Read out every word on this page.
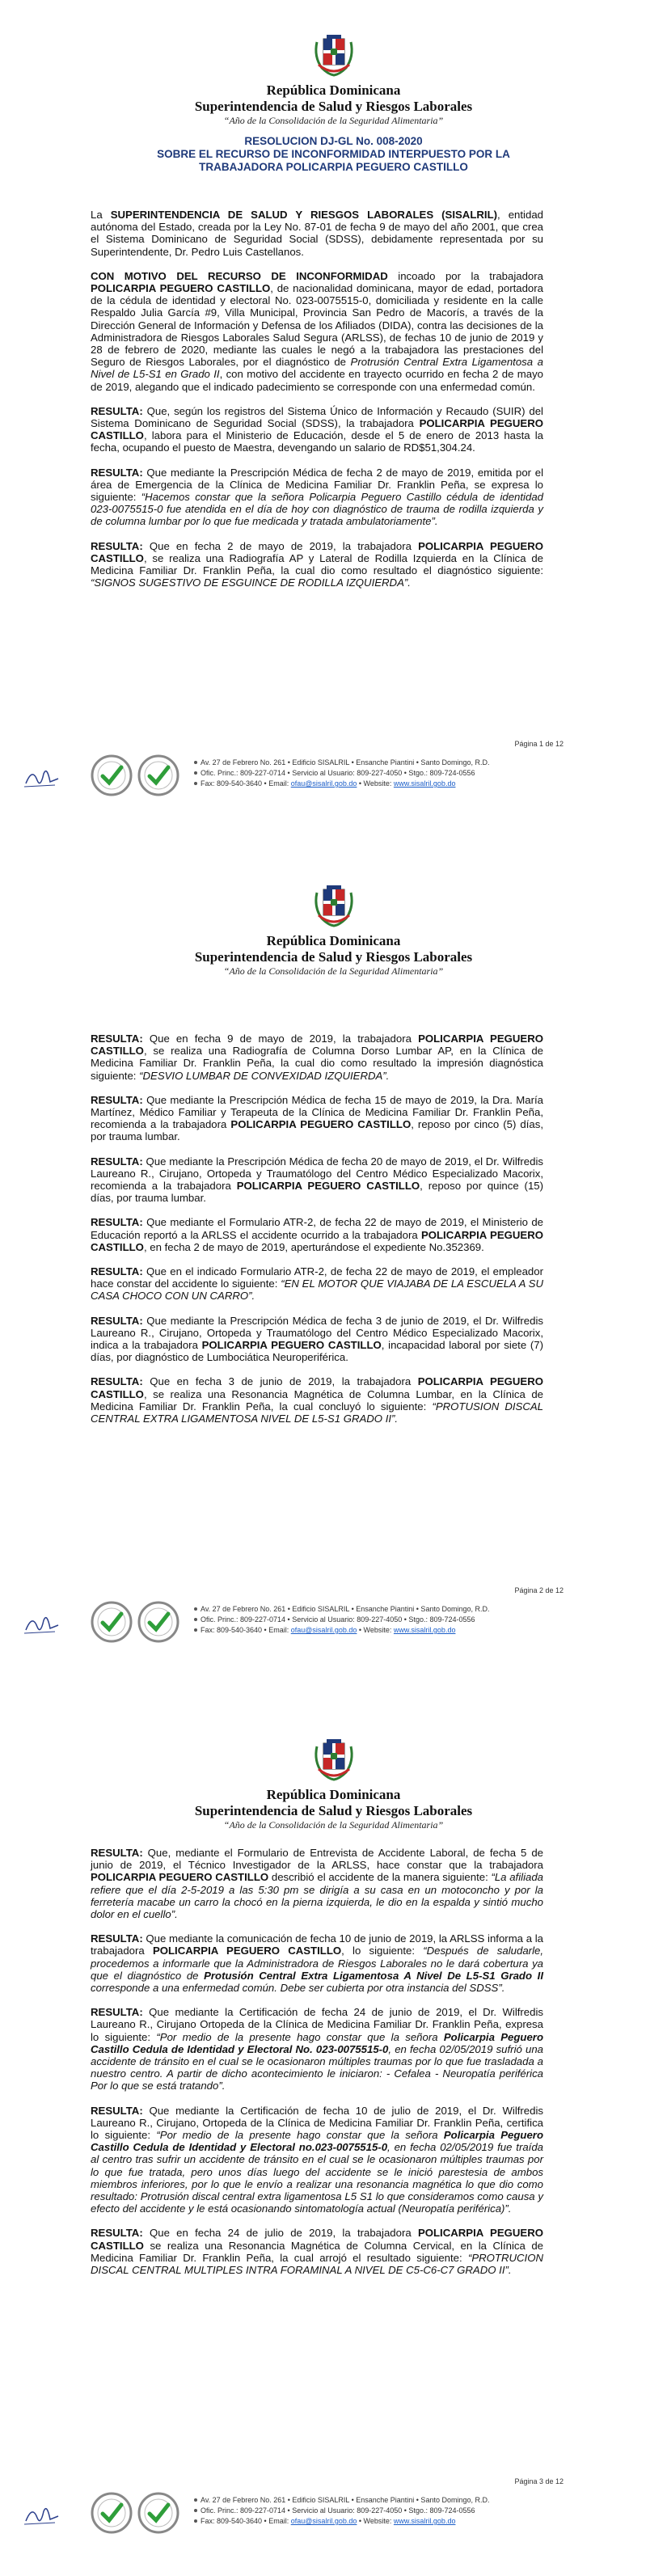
República Dominicana
Superintendencia de Salud y Riesgos Laborales
“Año de la Consolidación de la Seguridad Alimentaria”
RESOLUCION DJ-GL No. 008-2020
SOBRE EL RECURSO DE INCONFORMIDAD INTERPUESTO POR LA
TRABAJADORA POLICARPIA PEGUERO CASTILLO

La SUPERINTENDENCIA DE SALUD Y RIESGOS LABORALES (SISALRIL), entidad autónoma del Estado, creada por la Ley No. 87-01 de fecha 9 de mayo del año 2001, que crea el Sistema Dominicano de Seguridad Social (SDSS), debidamente representada por su Superintendente, Dr. Pedro Luis Castellanos.

CON MOTIVO DEL RECURSO DE INCONFORMIDAD incoado por la trabajadora POLICARPIA PEGUERO CASTILLO, de nacionalidad dominicana, mayor de edad, portadora de la cédula de identidad y electoral No. 023-0075515-0, domiciliada y residente en la calle Respaldo Julia García #9, Villa Municipal, Provincia San Pedro de Macorís, a través de la Dirección General de Información y Defensa de los Afiliados (DIDA), contra las decisiones de la Administradora de Riesgos Laborales Salud Segura (ARLSS), de fechas 10 de junio de 2019 y 28 de febrero de 2020, mediante las cuales le negó a la trabajadora las prestaciones del Seguro de Riesgos Laborales, por el diagnóstico de Protrusión Central Extra Ligamentosa a Nivel de L5-S1 en Grado II, con motivo del accidente en trayecto ocurrido en fecha 2 de mayo de 2019, alegando que el indicado padecimiento se corresponde con una enfermedad común.

RESULTA: Que, según los registros del Sistema Único de Información y Recaudo (SUIR) del Sistema Dominicano de Seguridad Social (SDSS), la trabajadora POLICARPIA PEGUERO CASTILLO, labora para el Ministerio de Educación, desde el 5 de enero de 2013 hasta la fecha, ocupando el puesto de Maestra, devengando un salario de RD$51,304.24.

RESULTA: Que mediante la Prescripción Médica de fecha 2 de mayo de 2019, emitida por el área de Emergencia de la Clínica de Medicina Familiar Dr. Franklin Peña, se expresa lo siguiente: “Hacemos constar que la señora Policarpia Peguero Castillo cédula de identidad 023-0075515-0 fue atendida en el día de hoy con diagnóstico de trauma de rodilla izquierda y de columna lumbar por lo que fue medicada y tratada ambulatoriamente”.

RESULTA: Que en fecha 2 de mayo de 2019, la trabajadora POLICARPIA PEGUERO CASTILLO, se realiza una Radiografía AP y Lateral de Rodilla Izquierda en la Clínica de Medicina Familiar Dr. Franklin Peña, la cual dio como resultado el diagnóstico siguiente: “SIGNOS SUGESTIVO DE ESGUINCE DE RODILLA IZQUIERDA”.

Página 1 de 12
Av. 27 de Febrero No. 261 • Edificio SISALRIL • Ensanche Piantini • Santo Domingo, R.D.
Ofic. Princ.: 809-227-0714 • Servicio al Usuario: 809-227-4050 • Stgo.: 809-724-0556
Fax: 809-540-3640 • Email: ofau@sisalril.gob.do • Website: www.sisalril.gob.do
República Dominicana
Superintendencia de Salud y Riesgos Laborales
“Año de la Consolidación de la Seguridad Alimentaria”

RESULTA: Que en fecha 9 de mayo de 2019, la trabajadora POLICARPIA PEGUERO CASTILLO, se realiza una Radiografía de Columna Dorso Lumbar AP, en la Clínica de Medicina Familiar Dr. Franklin Peña, la cual dio como resultado la impresión diagnóstica siguiente: “DESVIO LUMBAR DE CONVEXIDAD IZQUIERDA”.

RESULTA: Que mediante la Prescripción Médica de fecha 15 de mayo de 2019, la Dra. María Martínez, Médico Familiar y Terapeuta de la Clínica de Medicina Familiar Dr. Franklin Peña, recomienda a la trabajadora POLICARPIA PEGUERO CASTILLO, reposo por cinco (5) días, por trauma lumbar.

RESULTA: Que mediante la Prescripción Médica de fecha 20 de mayo de 2019, el Dr. Wilfredis Laureano R., Cirujano, Ortopeda y Traumatólogo del Centro Médico Especializado Macorix, recomienda a la trabajadora POLICARPIA PEGUERO CASTILLO, reposo por quince (15) días, por trauma lumbar.

RESULTA: Que mediante el Formulario ATR-2, de fecha 22 de mayo de 2019, el Ministerio de Educación reportó a la ARLSS el accidente ocurrido a la trabajadora POLICARPIA PEGUERO CASTILLO, en fecha 2 de mayo de 2019, aperturándose el expediente No.352369.

RESULTA: Que en el indicado Formulario ATR-2, de fecha 22 de mayo de 2019, el empleador hace constar del accidente lo siguiente: “EN EL MOTOR QUE VIAJABA DE LA ESCUELA A SU CASA CHOCO CON UN CARRO”.

RESULTA: Que mediante la Prescripción Médica de fecha 3 de junio de 2019, el Dr. Wilfredis Laureano R., Cirujano, Ortopeda y Traumatólogo del Centro Médico Especializado Macorix, indica a la trabajadora POLICARPIA PEGUERO CASTILLO, incapacidad laboral por siete (7) días, por diagnóstico de Lumbociática Neuroperiférica.

RESULTA: Que en fecha 3 de junio de 2019, la trabajadora POLICARPIA PEGUERO CASTILLO, se realiza una Resonancia Magnética de Columna Lumbar, en la Clínica de Medicina Familiar Dr. Franklin Peña, la cual concluyó lo siguiente: “PROTUSION DISCAL CENTRAL EXTRA LIGAMENTOSA NIVEL DE L5-S1 GRADO II”.

Página 2 de 12
Av. 27 de Febrero No. 261 • Edificio SISALRIL • Ensanche Piantini • Santo Domingo, R.D.
Ofic. Princ.: 809-227-0714 • Servicio al Usuario: 809-227-4050 • Stgo.: 809-724-0556
Fax: 809-540-3640 • Email: ofau@sisalril.gob.do • Website: www.sisalril.gob.do
República Dominicana
Superintendencia de Salud y Riesgos Laborales
“Año de la Consolidación de la Seguridad Alimentaria”

RESULTA: Que, mediante el Formulario de Entrevista de Accidente Laboral, de fecha 5 de junio de 2019, el Técnico Investigador de la ARLSS, hace constar que la trabajadora POLICARPIA PEGUERO CASTILLO describió el accidente de la manera siguiente: “La afiliada refiere que el día 2-5-2019 a las 5:30 pm se dirigía a su casa en un motoconcho y por la ferretería macabe un carro la chocó en la pierna izquierda, le dio en la espalda y sintió mucho dolor en el cuello”.

RESULTA: Que mediante la comunicación de fecha 10 de junio de 2019, la ARLSS informa a la trabajadora POLICARPIA PEGUERO CASTILLO, lo siguiente: “Después de saludarle, procedemos a informarle que la Administradora de Riesgos Laborales no le dará cobertura ya que el diagnóstico de Protusión Central Extra Ligamentosa A Nivel De L5-S1 Grado II corresponde a una enfermedad común. Debe ser cubierta por otra instancia del SDSS”.

RESULTA: Que mediante la Certificación de fecha 24 de junio de 2019, el Dr. Wilfredis Laureano R., Cirujano Ortopeda de la Clínica de Medicina Familiar Dr. Franklin Peña, expresa lo siguiente: “Por medio de la presente hago constar que la señora Policarpia Peguero Castillo Cedula de Identidad y Electoral No. 023-0075515-0, en fecha 02/05/2019 sufrió una accidente de tránsito en el cual se le ocasionaron múltiples traumas por lo que fue trasladada a nuestro centro. A partir de dicho acontecimiento le iniciaron: - Cefalea - Neuropatía periférica Por lo que se está tratando”.

RESULTA: Que mediante la Certificación de fecha 10 de julio de 2019, el Dr. Wilfredis Laureano R., Cirujano, Ortopeda de la Clínica de Medicina Familiar Dr. Franklin Peña, certifica lo siguiente: “Por medio de la presente hago constar que la señora Policarpia Peguero Castillo Cedula de Identidad y Electoral no.023-0075515-0, en fecha 02/05/2019 fue traída al centro tras sufrir un accidente de tránsito en el cual se le ocasionaron múltiples traumas por lo que fue tratada, pero unos días luego del accidente se le inició parestesia de ambos miembros inferiores, por lo que le envío a realizar una resonancia magnética lo que dio como resultado: Protrusión discal central extra ligamentosa L5 S1 lo que consideramos como causa y efecto del accidente y le está ocasionando sintomatología actual (Neuropatía periférica)”.

RESULTA: Que en fecha 24 de julio de 2019, la trabajadora POLICARPIA PEGUERO CASTILLO se realiza una Resonancia Magnética de Columna Cervical, en la Clínica de Medicina Familiar Dr. Franklin Peña, la cual arrojó el resultado siguiente: “PROTRUCION DISCAL CENTRAL MULTIPLES INTRA FORAMINAL A NIVEL DE C5-C6-C7 GRADO II”.

Página 3 de 12
Av. 27 de Febrero No. 261 • Edificio SISALRIL • Ensanche Piantini • Santo Domingo, R.D.
Ofic. Princ.: 809-227-0714 • Servicio al Usuario: 809-227-4050 • Stgo.: 809-724-0556
Fax: 809-540-3640 • Email: ofau@sisalril.gob.do • Website: www.sisalril.gob.do
